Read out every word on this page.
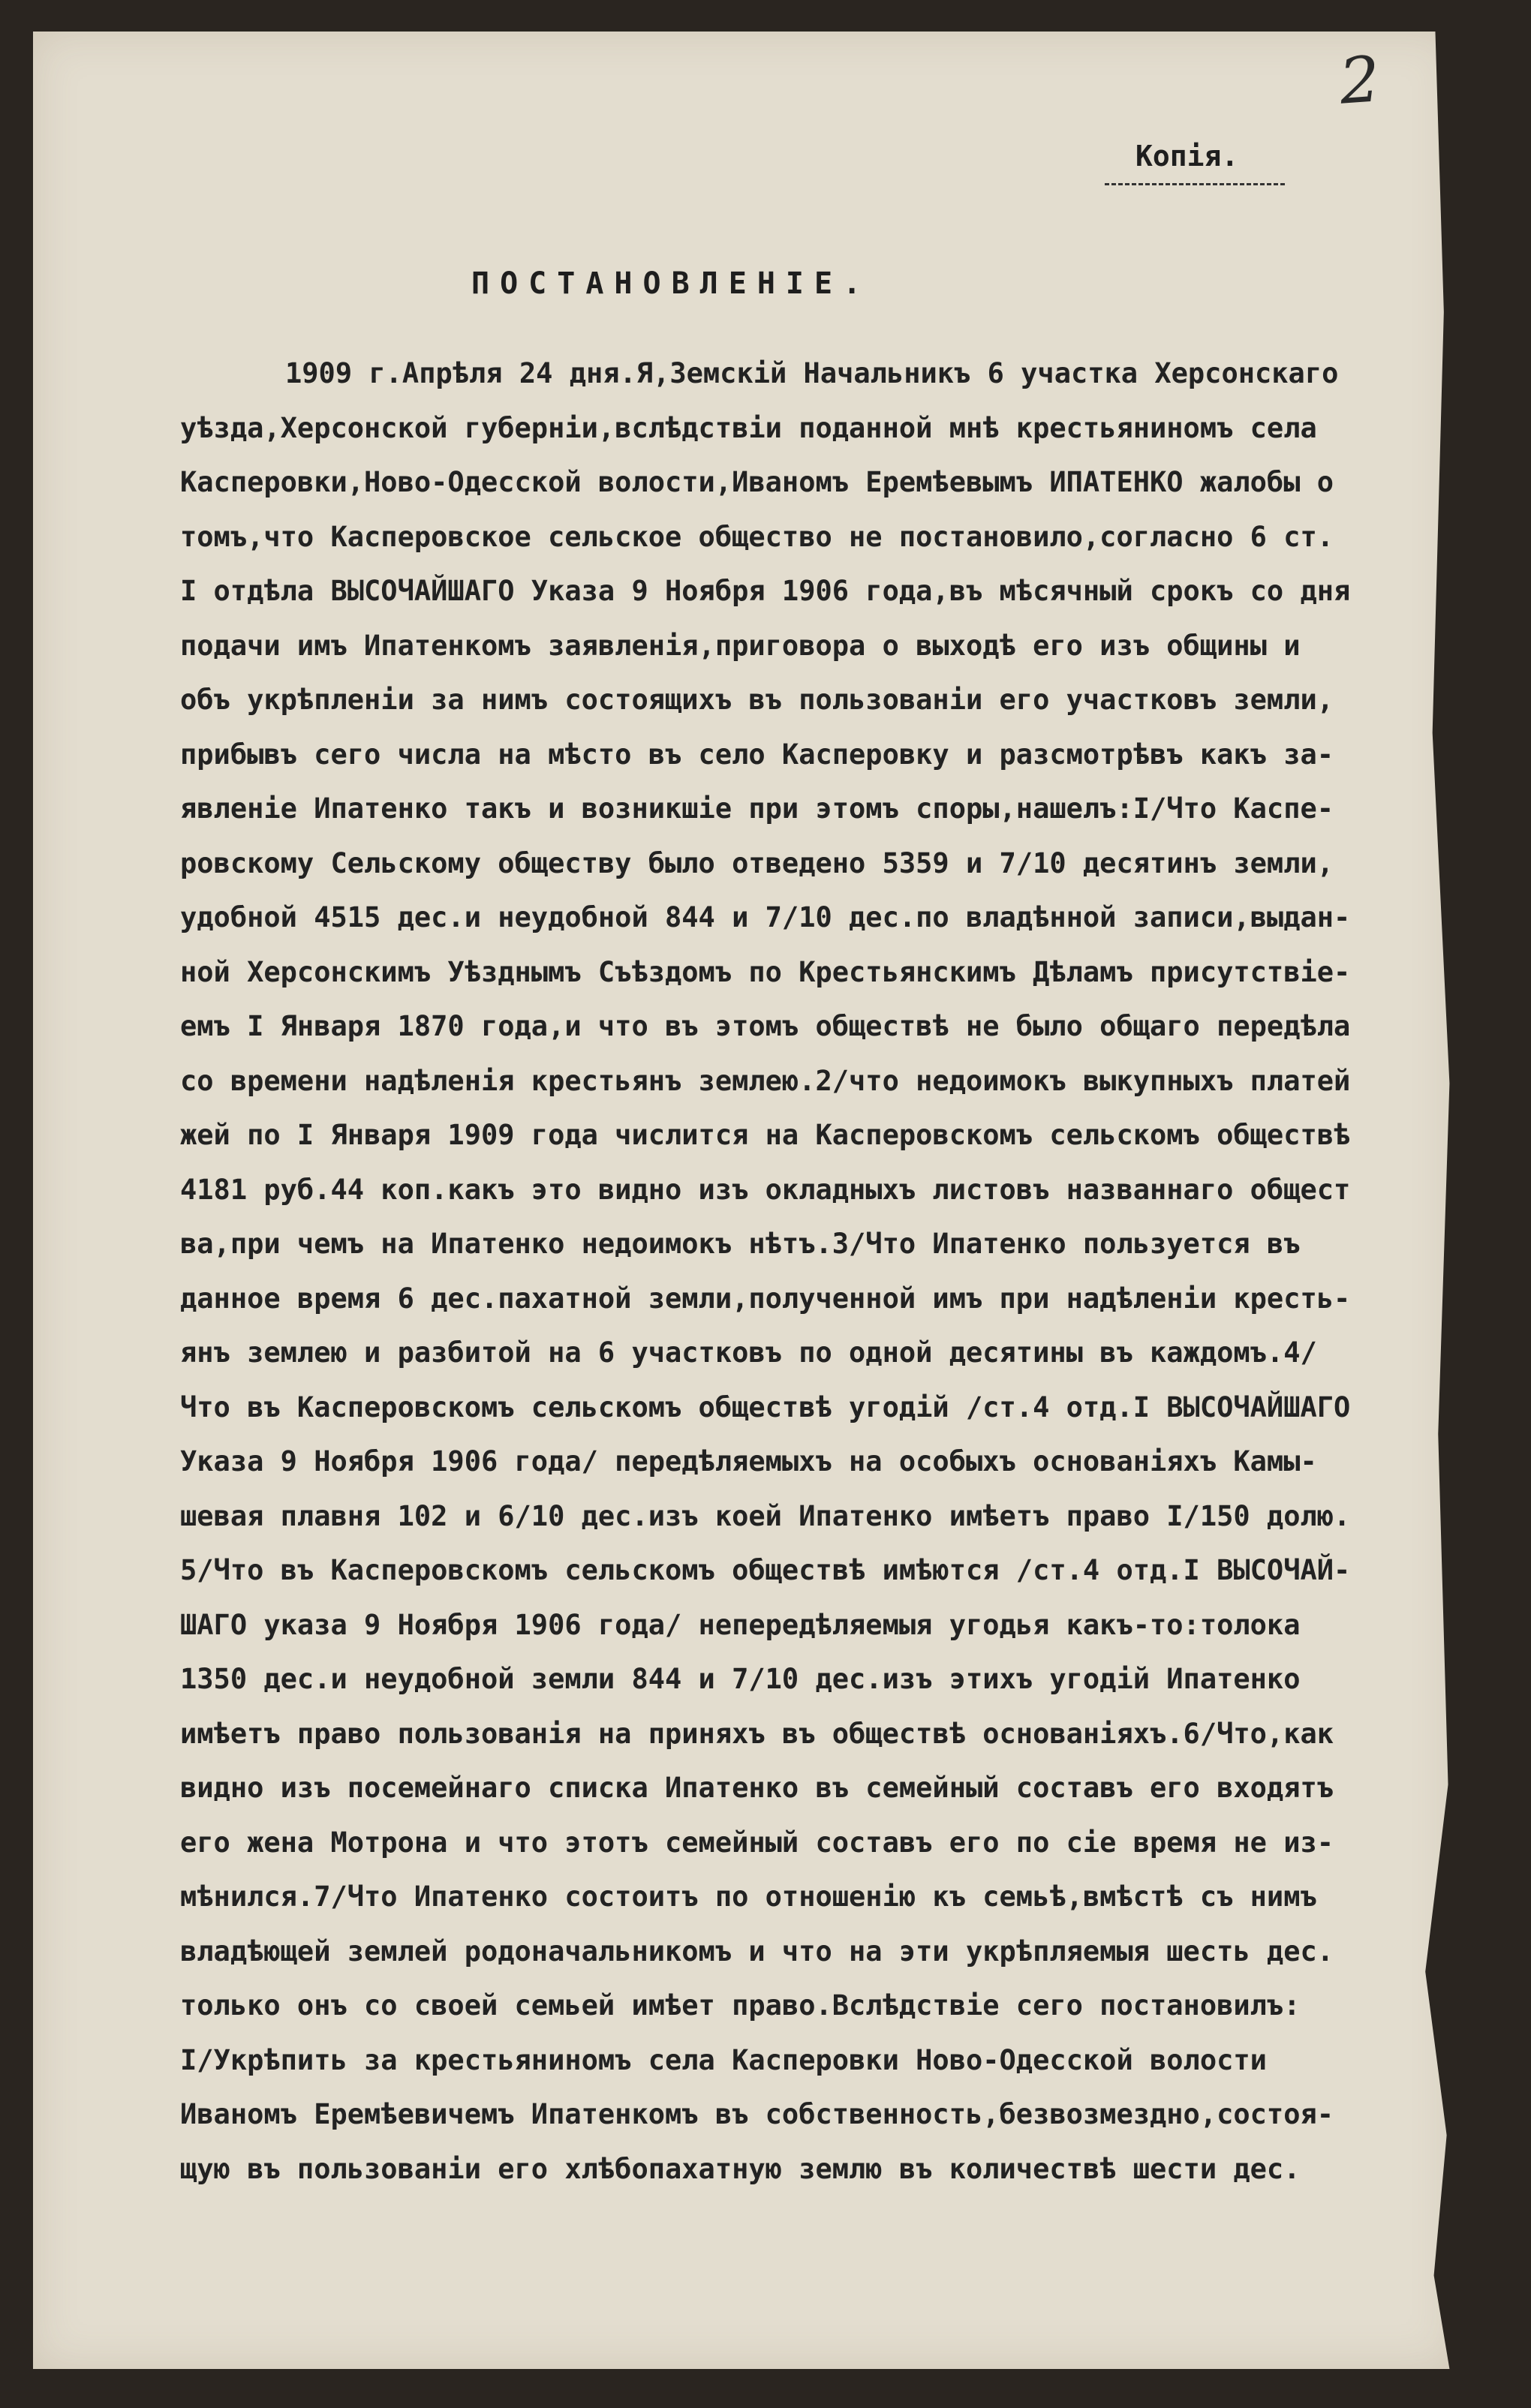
2
Копія.
ПОСТАНОВЛЕНІЕ.
1909 г.Апрѣля 24 дня.Я,Земскій Начальникъ 6 участка Херсонскаго
уѣзда,Херсонской губерніи,вслѣдствіи поданной мнѣ крестьяниномъ села
Касперовки,Ново-Одесской волости,Иваномъ Еремѣевымъ ИПАТЕНКО жалобы о
томъ,что Касперовское сельское общество не постановило,согласно 6 ст.
І отдѣла ВЫСОЧАЙШАГО Указа 9 Ноября 1906 года,въ мѣсячный срокъ со дня
подачи имъ Ипатенкомъ заявленія,приговора о выходѣ его изъ общины и
объ укрѣпленіи за нимъ состоящихъ въ пользованіи его участковъ земли,
прибывъ сего числа на мѣсто въ село Касперовку и разсмотрѣвъ какъ за-
явленіе Ипатенко такъ и возникшіе при этомъ споры,нашелъ:І/Что Каспе-
ровскому Сельскому обществу было отведено 5359 и 7/10 десятинъ земли,
удобной 4515 дес.и неудобной 844 и 7/10 дес.по владѣнной записи,выдан-
ной Херсонскимъ Уѣзднымъ Съѣздомъ по Крестьянскимъ Дѣламъ присутствіе-
емъ І Января 1870 года,и что въ этомъ обществѣ не было общаго передѣла
со времени надѣленія крестьянъ землею.2/что недоимокъ выкупныхъ платей
жей по І Января 1909 года числится на Касперовскомъ сельскомъ обществѣ
4181 руб.44 коп.какъ это видно изъ окладныхъ листовъ названнаго общест
ва,при чемъ на Ипатенко недоимокъ нѣтъ.3/Что Ипатенко пользуется въ
данное время 6 дес.пахатной земли,полученной имъ при надѣленіи кресть-
янъ землею и разбитой на 6 участковъ по одной десятины въ каждомъ.4/
Что въ Касперовскомъ сельскомъ обществѣ угодій /ст.4 отд.І ВЫСОЧАЙШАГО
Указа 9 Ноября 1906 года/ передѣляемыхъ на особыхъ основаніяхъ Камы-
шевая плавня 102 и 6/10 дес.изъ коей Ипатенко имѣетъ право І/150 долю.
5/Что въ Касперовскомъ сельскомъ обществѣ имѣются /ст.4 отд.І ВЫСОЧАЙ-
ШАГО указа 9 Ноября 1906 года/ непередѣляемыя угодья какъ-то:толока
1350 дес.и неудобной земли 844 и 7/10 дес.изъ этихъ угодій Ипатенко
имѣетъ право пользованія на приняхъ въ обществѣ основаніяхъ.6/Что,как
видно изъ посемейнаго списка Ипатенко въ семейный составъ его входятъ
его жена Мотрона и что этотъ семейный составъ его по сіе время не из-
мѣнился.7/Что Ипатенко состоитъ по отношенію къ семьѣ,вмѣстѣ съ нимъ
владѣющей землей родоначальникомъ и что на эти укрѣпляемыя шесть дес.
только онъ со своей семьей имѣет право.Вслѣдствіе сего постановилъ:
І/Укрѣпить за крестьяниномъ села Касперовки Ново-Одесской волости
Иваномъ Еремѣевичемъ Ипатенкомъ въ собственность,безвозмездно,состоя-
щую въ пользованіи его хлѣбопахатную землю въ количествѣ шести дес.
